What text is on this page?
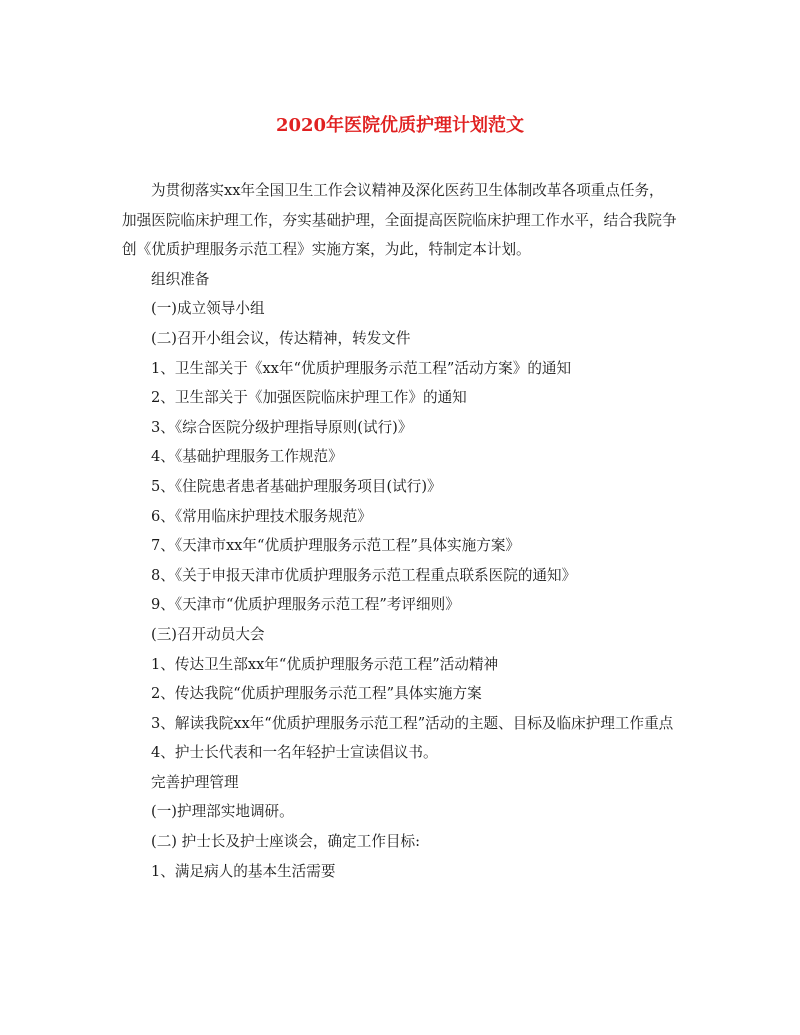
2020年医院优质护理计划范文

为贯彻落实xx年全国卫生工作会议精神及深化医药卫生体制改革各项重点任务，加强医院临床护理工作，夯实基础护理，全面提高医院临床护理工作水平，结合我院争创《优质护理服务示范工程》实施方案，为此，特制定本计划。

组织准备

(一)成立领导小组

(二)召开小组会议，传达精神，转发文件

1、卫生部关于《xx年“优质护理服务示范工程”活动方案》的通知

2、卫生部关于《加强医院临床护理工作》的通知

3、《综合医院分级护理指导原则(试行)》

4、《基础护理服务工作规范》

5、《住院患者患者基础护理服务项目(试行)》

6、《常用临床护理技术服务规范》

7、《天津市xx年“优质护理服务示范工程”具体实施方案》

8、《关于申报天津市优质护理服务示范工程重点联系医院的通知》

9、《天津市“优质护理服务示范工程”考评细则》

(三)召开动员大会

1、传达卫生部xx年“优质护理服务示范工程”活动精神

2、传达我院“优质护理服务示范工程”具体实施方案

3、解读我院xx年“优质护理服务示范工程”活动的主题、目标及临床护理工作重点

4、护士长代表和一名年轻护士宣读倡议书。

完善护理管理

(一)护理部实地调研。

(二) 护士长及护士座谈会，确定工作目标:

1、满足病人的基本生活需要
